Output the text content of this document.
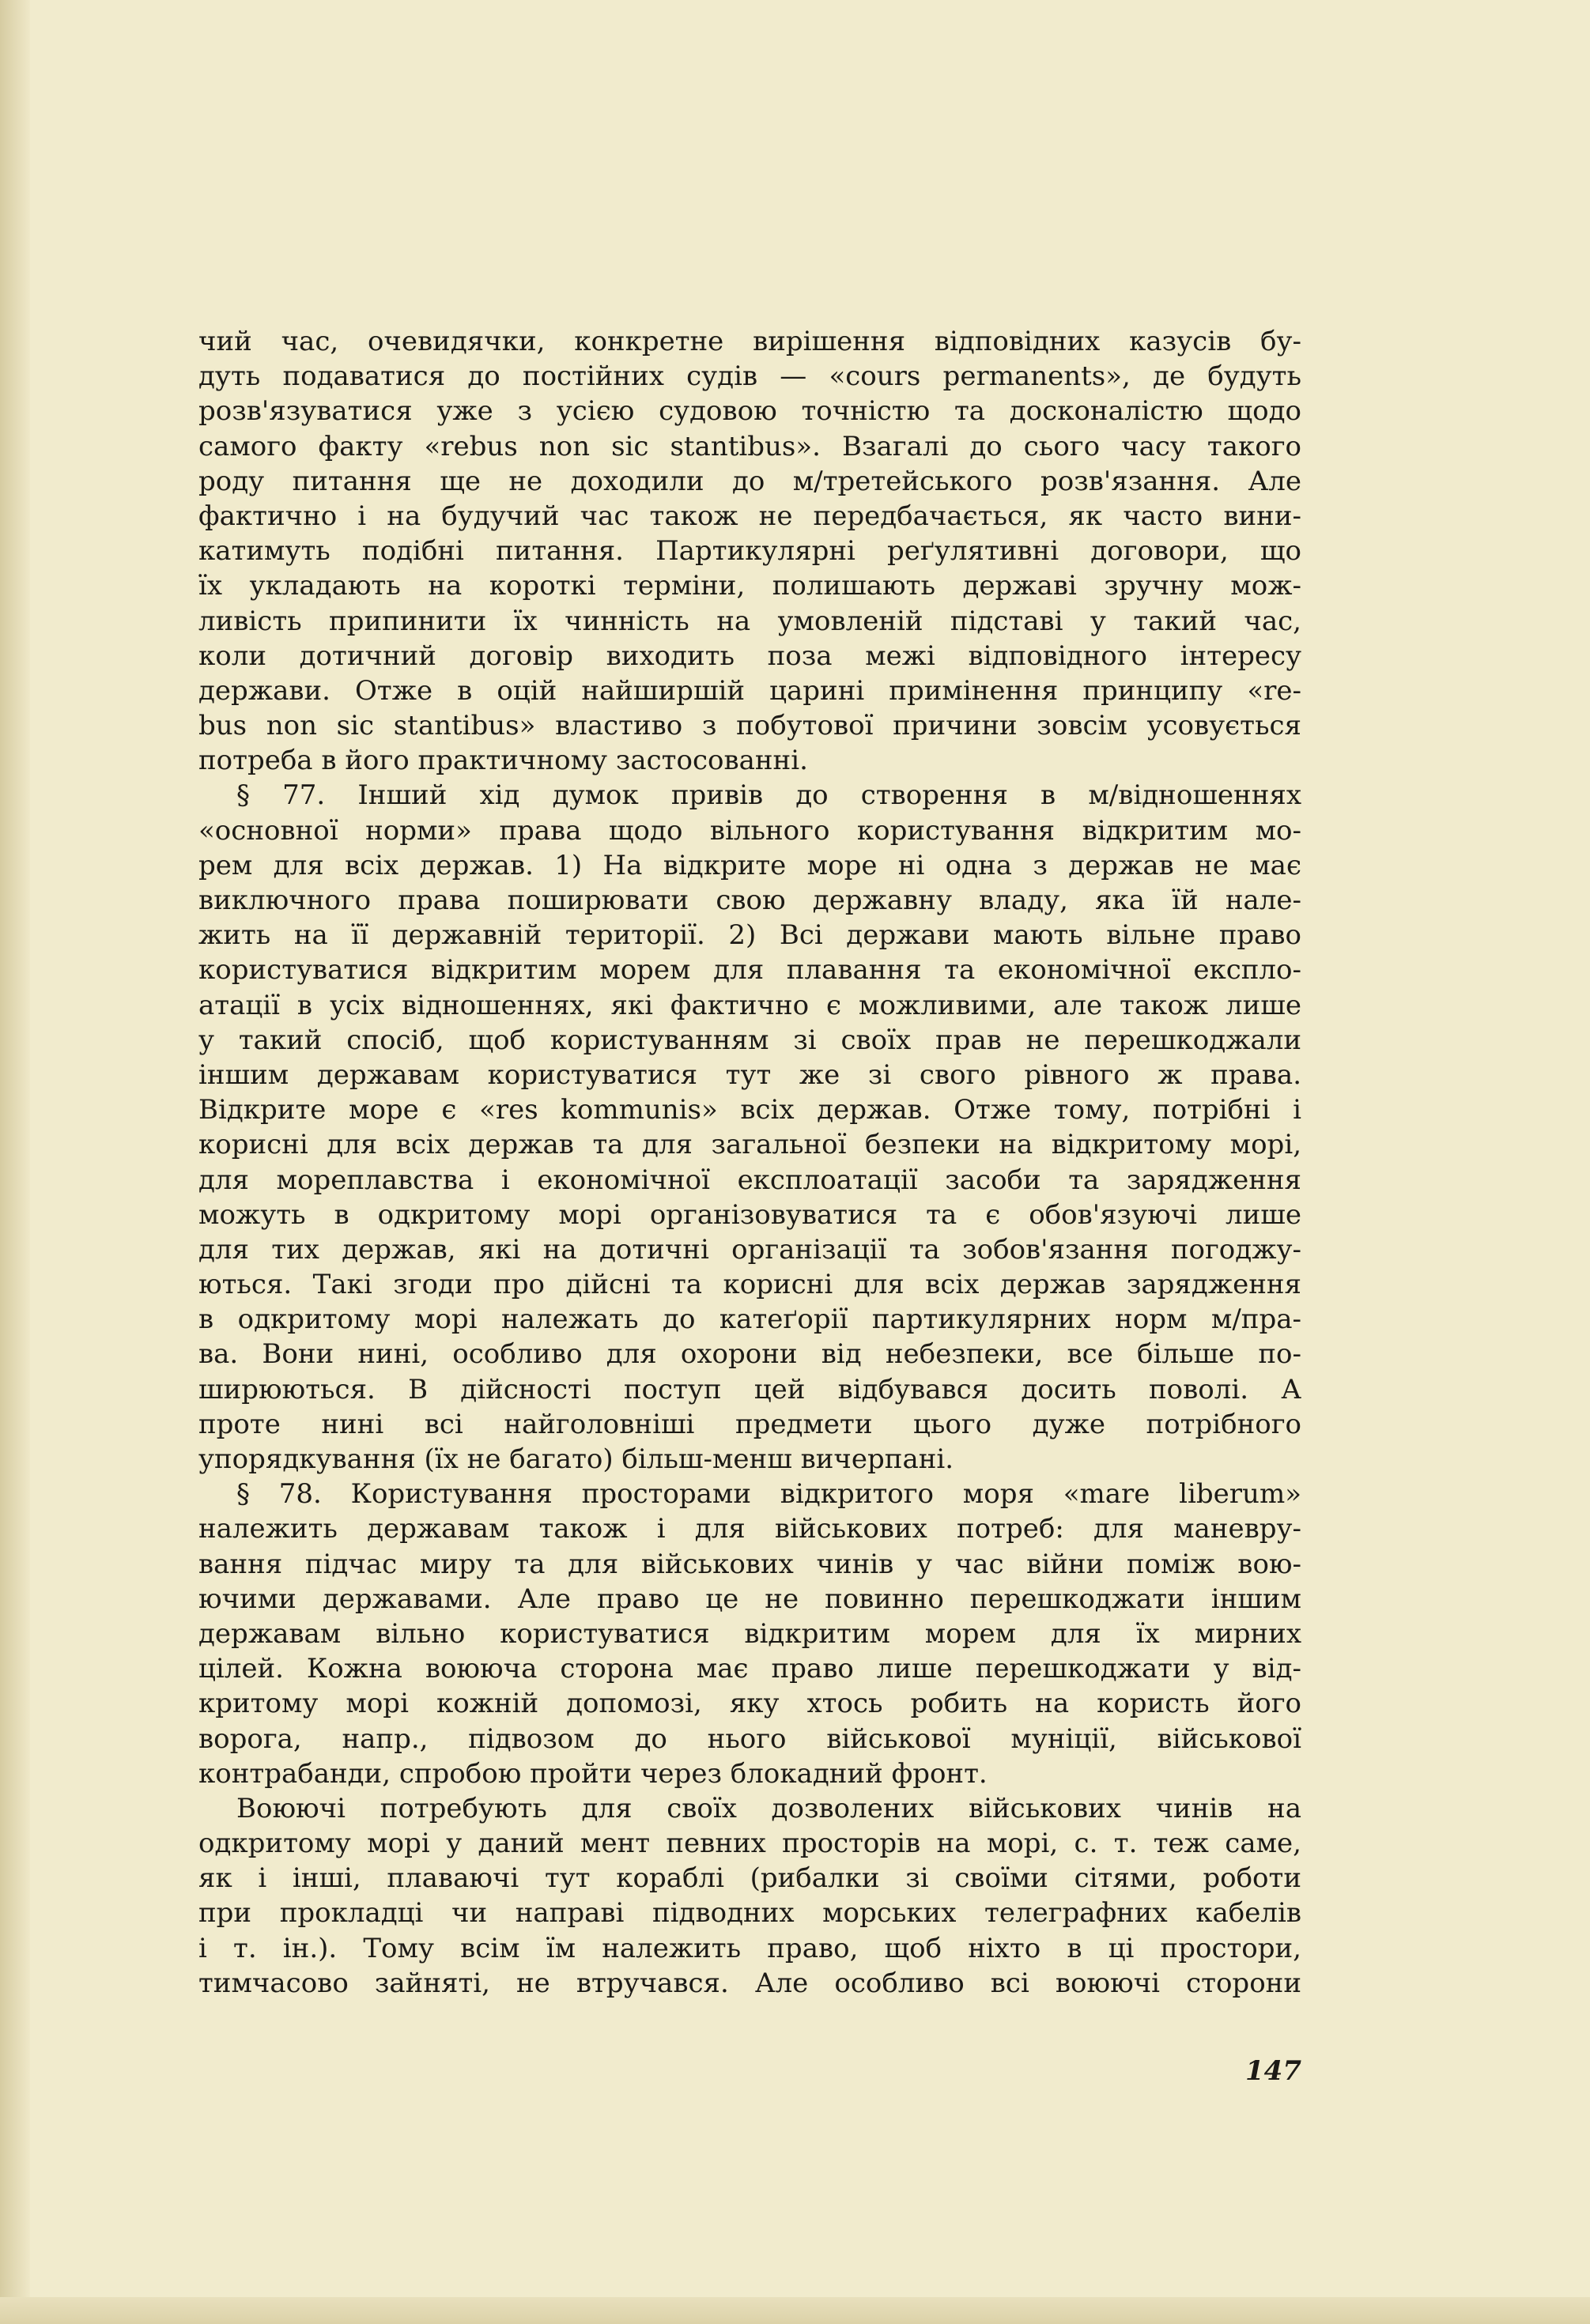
чий час, очевидячки, конкретне вирішення відповідних казусів бу-
дуть подаватися до постійних судів — «cours permanents», де будуть
розв'язуватися уже з усією судовою точністю та досконалістю щодо
самого факту «rebus non sic stantibus». Взагалі до сього часу такого
роду питання ще не доходили до м/третейського розв'язання. Але
фактично і на будучий час також не передбачається, як часто вини-
катимуть подібні питання. Партикулярні реґулятивні договори, що
їх укладають на короткі терміни, полишають державі зручну мож-
ливість припинити їх чинність на умовленій підставі у такий час,
коли дотичний договір виходить поза межі відповідного інтересу
держави. Отже в оцій найширшій царині примінення принципу «re-
bus non sic stantibus» властиво з побутової причини зовсім усовується
потреба в його практичному застосованні.
§ 77. Інший хід думок привів до створення в м/відношеннях
«основної норми» права щодо вільного користування відкритим мо-
рем для всіх держав. 1) На відкрите море ні одна з держав не має
виключного права поширювати свою державну владу, яка їй нале-
жить на її державній території. 2) Всі держави мають вільне право
користуватися відкритим морем для плавання та економічної експло-
атації в усіх відношеннях, які фактично є можливими, але також лише
у такий спосіб, щоб користуванням зі своїх прав не перешкоджали
іншим державам користуватися тут же зі свого рівного ж права.
Відкрите море є «res kommunis» всіх держав. Отже тому, потрібні і
корисні для всіх держав та для загальної безпеки на відкритому морі,
для мореплавства і економічної експлоатації засоби та зарядження
можуть в одкритому морі організовуватися та є обов'язуючі лише
для тих держав, які на дотичні організації та зобов'язання погоджу-
ються. Такі згоди про дійсні та корисні для всіх держав зарядження
в одкритому морі належать до катеґорії партикулярних норм м/пра-
ва. Вони нині, особливо для охорони від небезпеки, все більше по-
ширюються. В дійсності поступ цей відбувався досить поволі. А
проте нині всі найголовніші предмети цього дуже потрібного
упорядкування (їх не багато) більш-менш вичерпані.
§ 78. Користування просторами відкритого моря «mare liberum»
належить державам також і для військових потреб: для маневру-
вання підчас миру та для військових чинів у час війни поміж вою-
ючими державами. Але право це не повинно перешкоджати іншим
державам вільно користуватися відкритим морем для їх мирних
цілей. Кожна воююча сторона має право лише перешкоджати у від-
критому морі кожній допомозі, яку хтось робить на користь його
ворога, напр., підвозом до нього військової муніції, військової
контрабанди, спробою пройти через блокадний фронт.
Воюючі потребують для своїх дозволених військових чинів на
одкритому морі у даний мент певних просторів на морі, с. т. теж саме,
як і інші, плаваючі тут кораблі (рибалки зі своїми сітями, роботи
при прокладці чи направі підводних морських телеграфних кабелів
і т. ін.). Тому всім їм належить право, щоб ніхто в ці простори,
тимчасово зайняті, не втручався. Але особливо всі воюючі сторони
147
